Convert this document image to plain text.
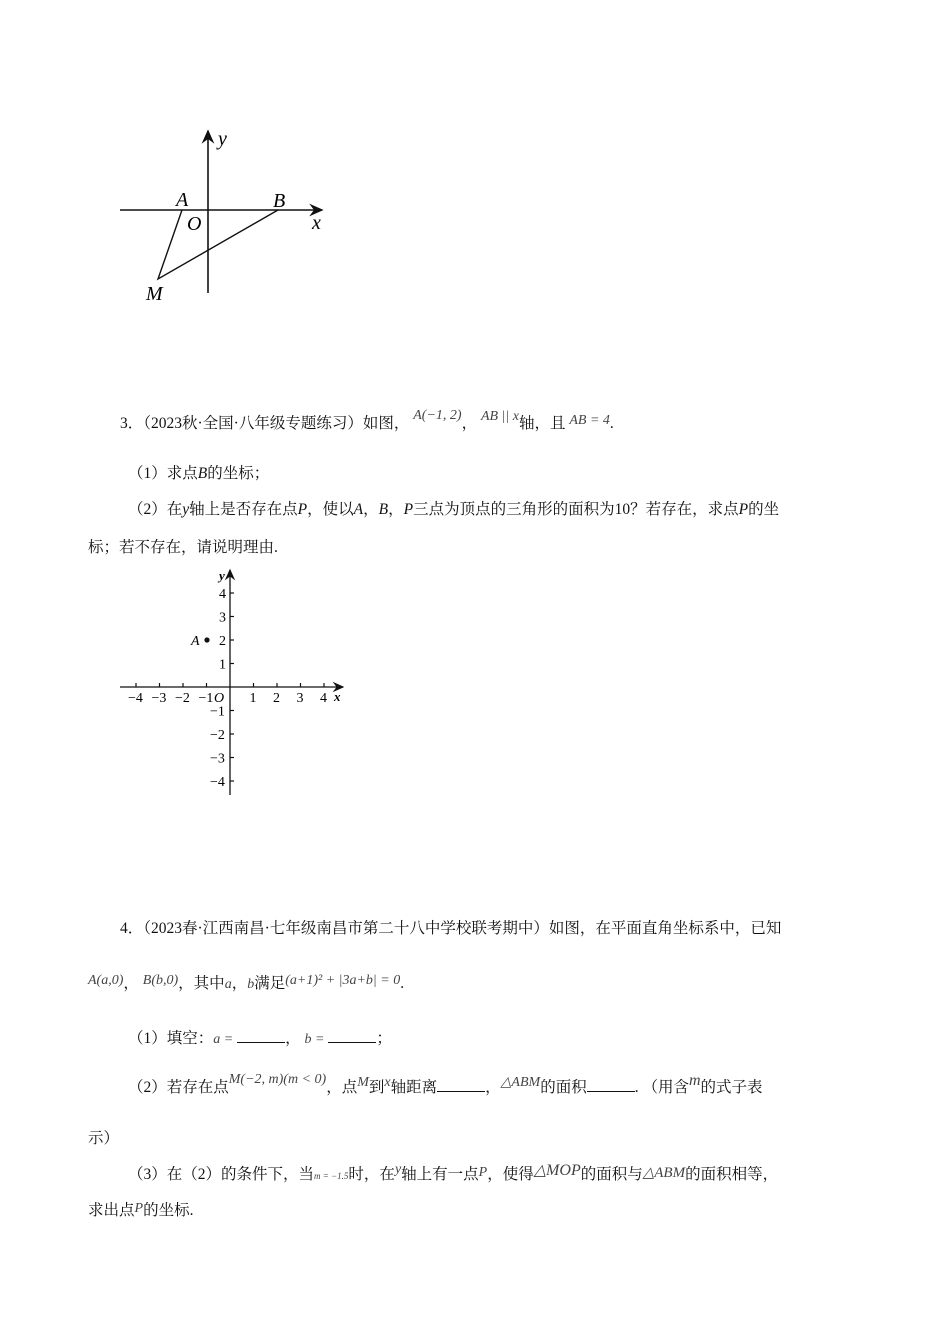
y
x
A	B
O
M
3．（2023秋·全国·八年级专题练习）如图， A(−1, 2)， AB || x轴，且 AB = 4.
（1）求点B的坐标；
（2）在y轴上是否存在点P，使以A，B，P三点为顶点的三角形的面积为10？若存在，求点P的坐
标；若不存在，请说明理由.
−4 −3 −2 −1	1 2 3 4
4
3
2
1
−1
−2
−3
−4
y
x
O
A
4．（2023春·江西南昌·七年级南昌市第二十八中学校联考期中）如图，在平面直角坐标系中，已知
A(a,0)， B(b,0)，其中a，b满足(a+1)² + |3a+b| = 0.
（1）填空：a =	， b =	；
（2）若存在点M(−2, m)(m < 0)，点M到x轴距离	，△ABM的面积	. （用含m的式子表
示）
（3）在（2）的条件下，当m = −1.5时，在y轴上有一点P，使得△MOP的面积与△ABM的面积相等，
求出点P的坐标.
